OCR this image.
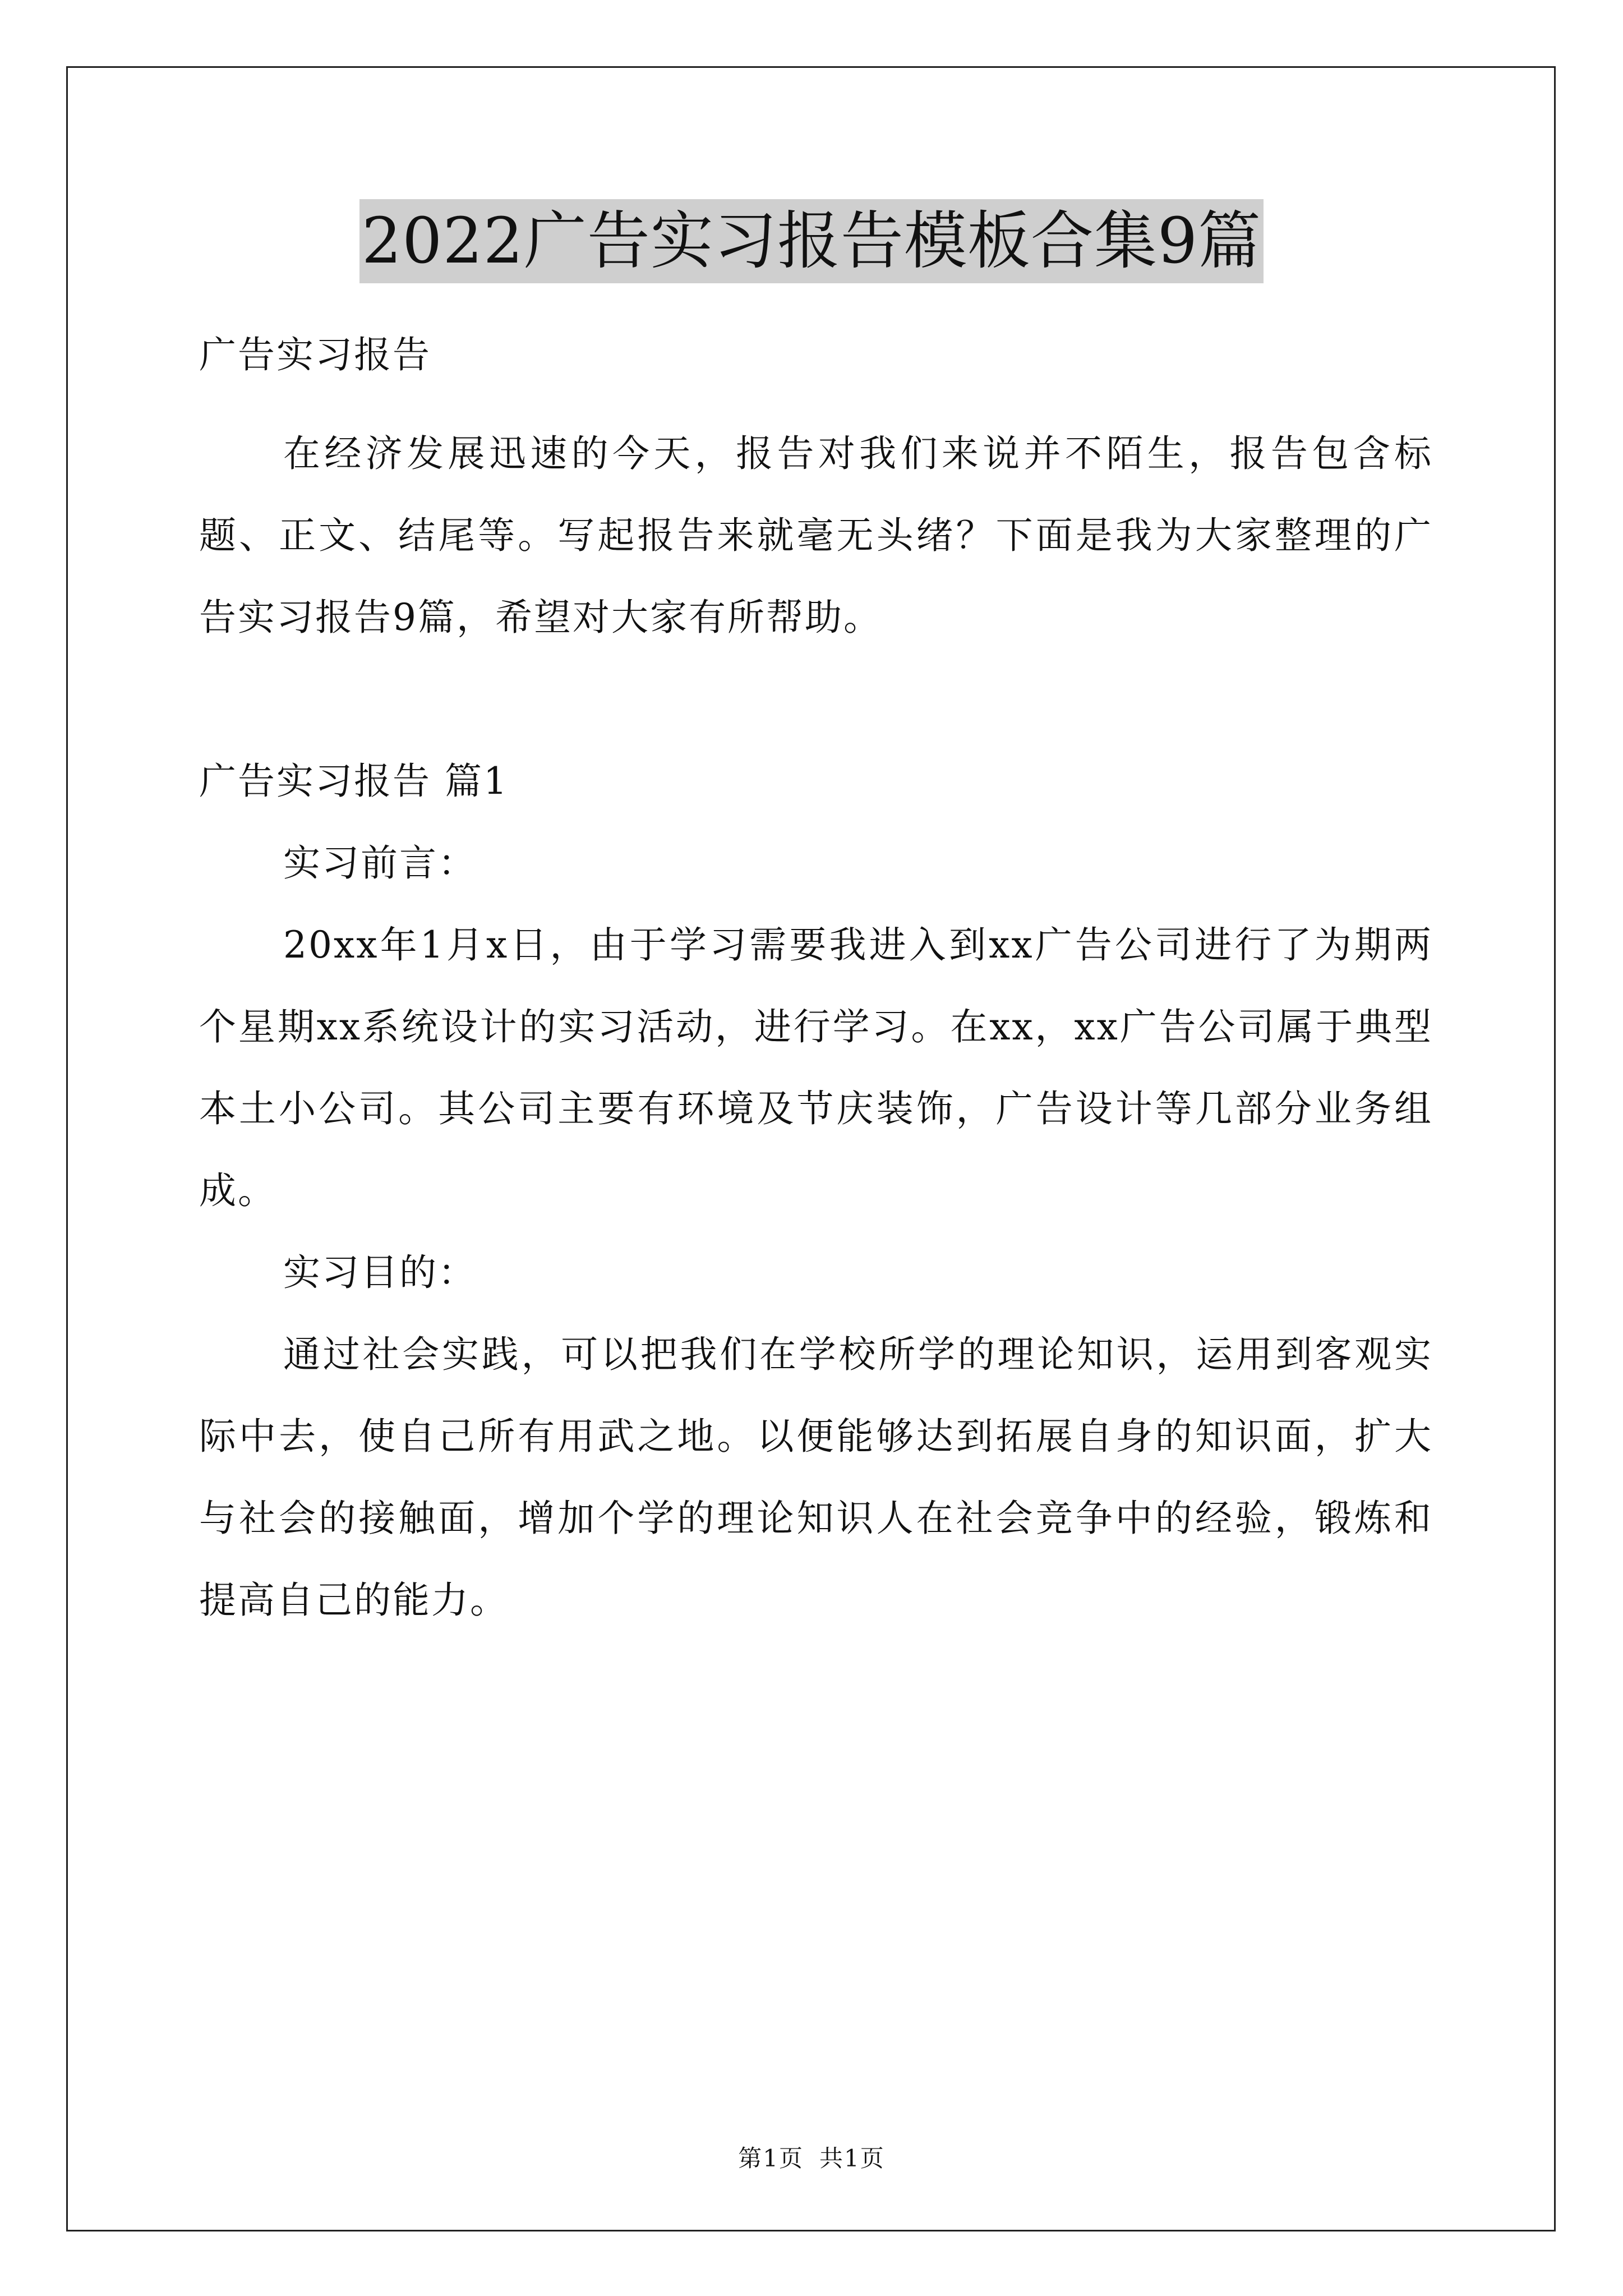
2022广告实习报告模板合集9篇

广告实习报告

在经济发展迅速的今天，报告对我们来说并不陌生，报告包含标题、正文、结尾等。写起报告来就毫无头绪？下面是我为大家整理的广告实习报告9篇，希望对大家有所帮助。

广告实习报告 篇1

实习前言：

20xx年1月x日，由于学习需要我进入到xx广告公司进行了为期两个星期xx系统设计的实习活动，进行学习。在xx，xx广告公司属于典型本土小公司。其公司主要有环境及节庆装饰，广告设计等几部分业务组成。

实习目的：

通过社会实践，可以把我们在学校所学的理论知识，运用到客观实际中去，使自己所有用武之地。以便能够达到拓展自身的知识面，扩大与社会的接触面，增加个学的理论知识人在社会竞争中的经验，锻炼和提高自己的能力。

第1页 共1页
